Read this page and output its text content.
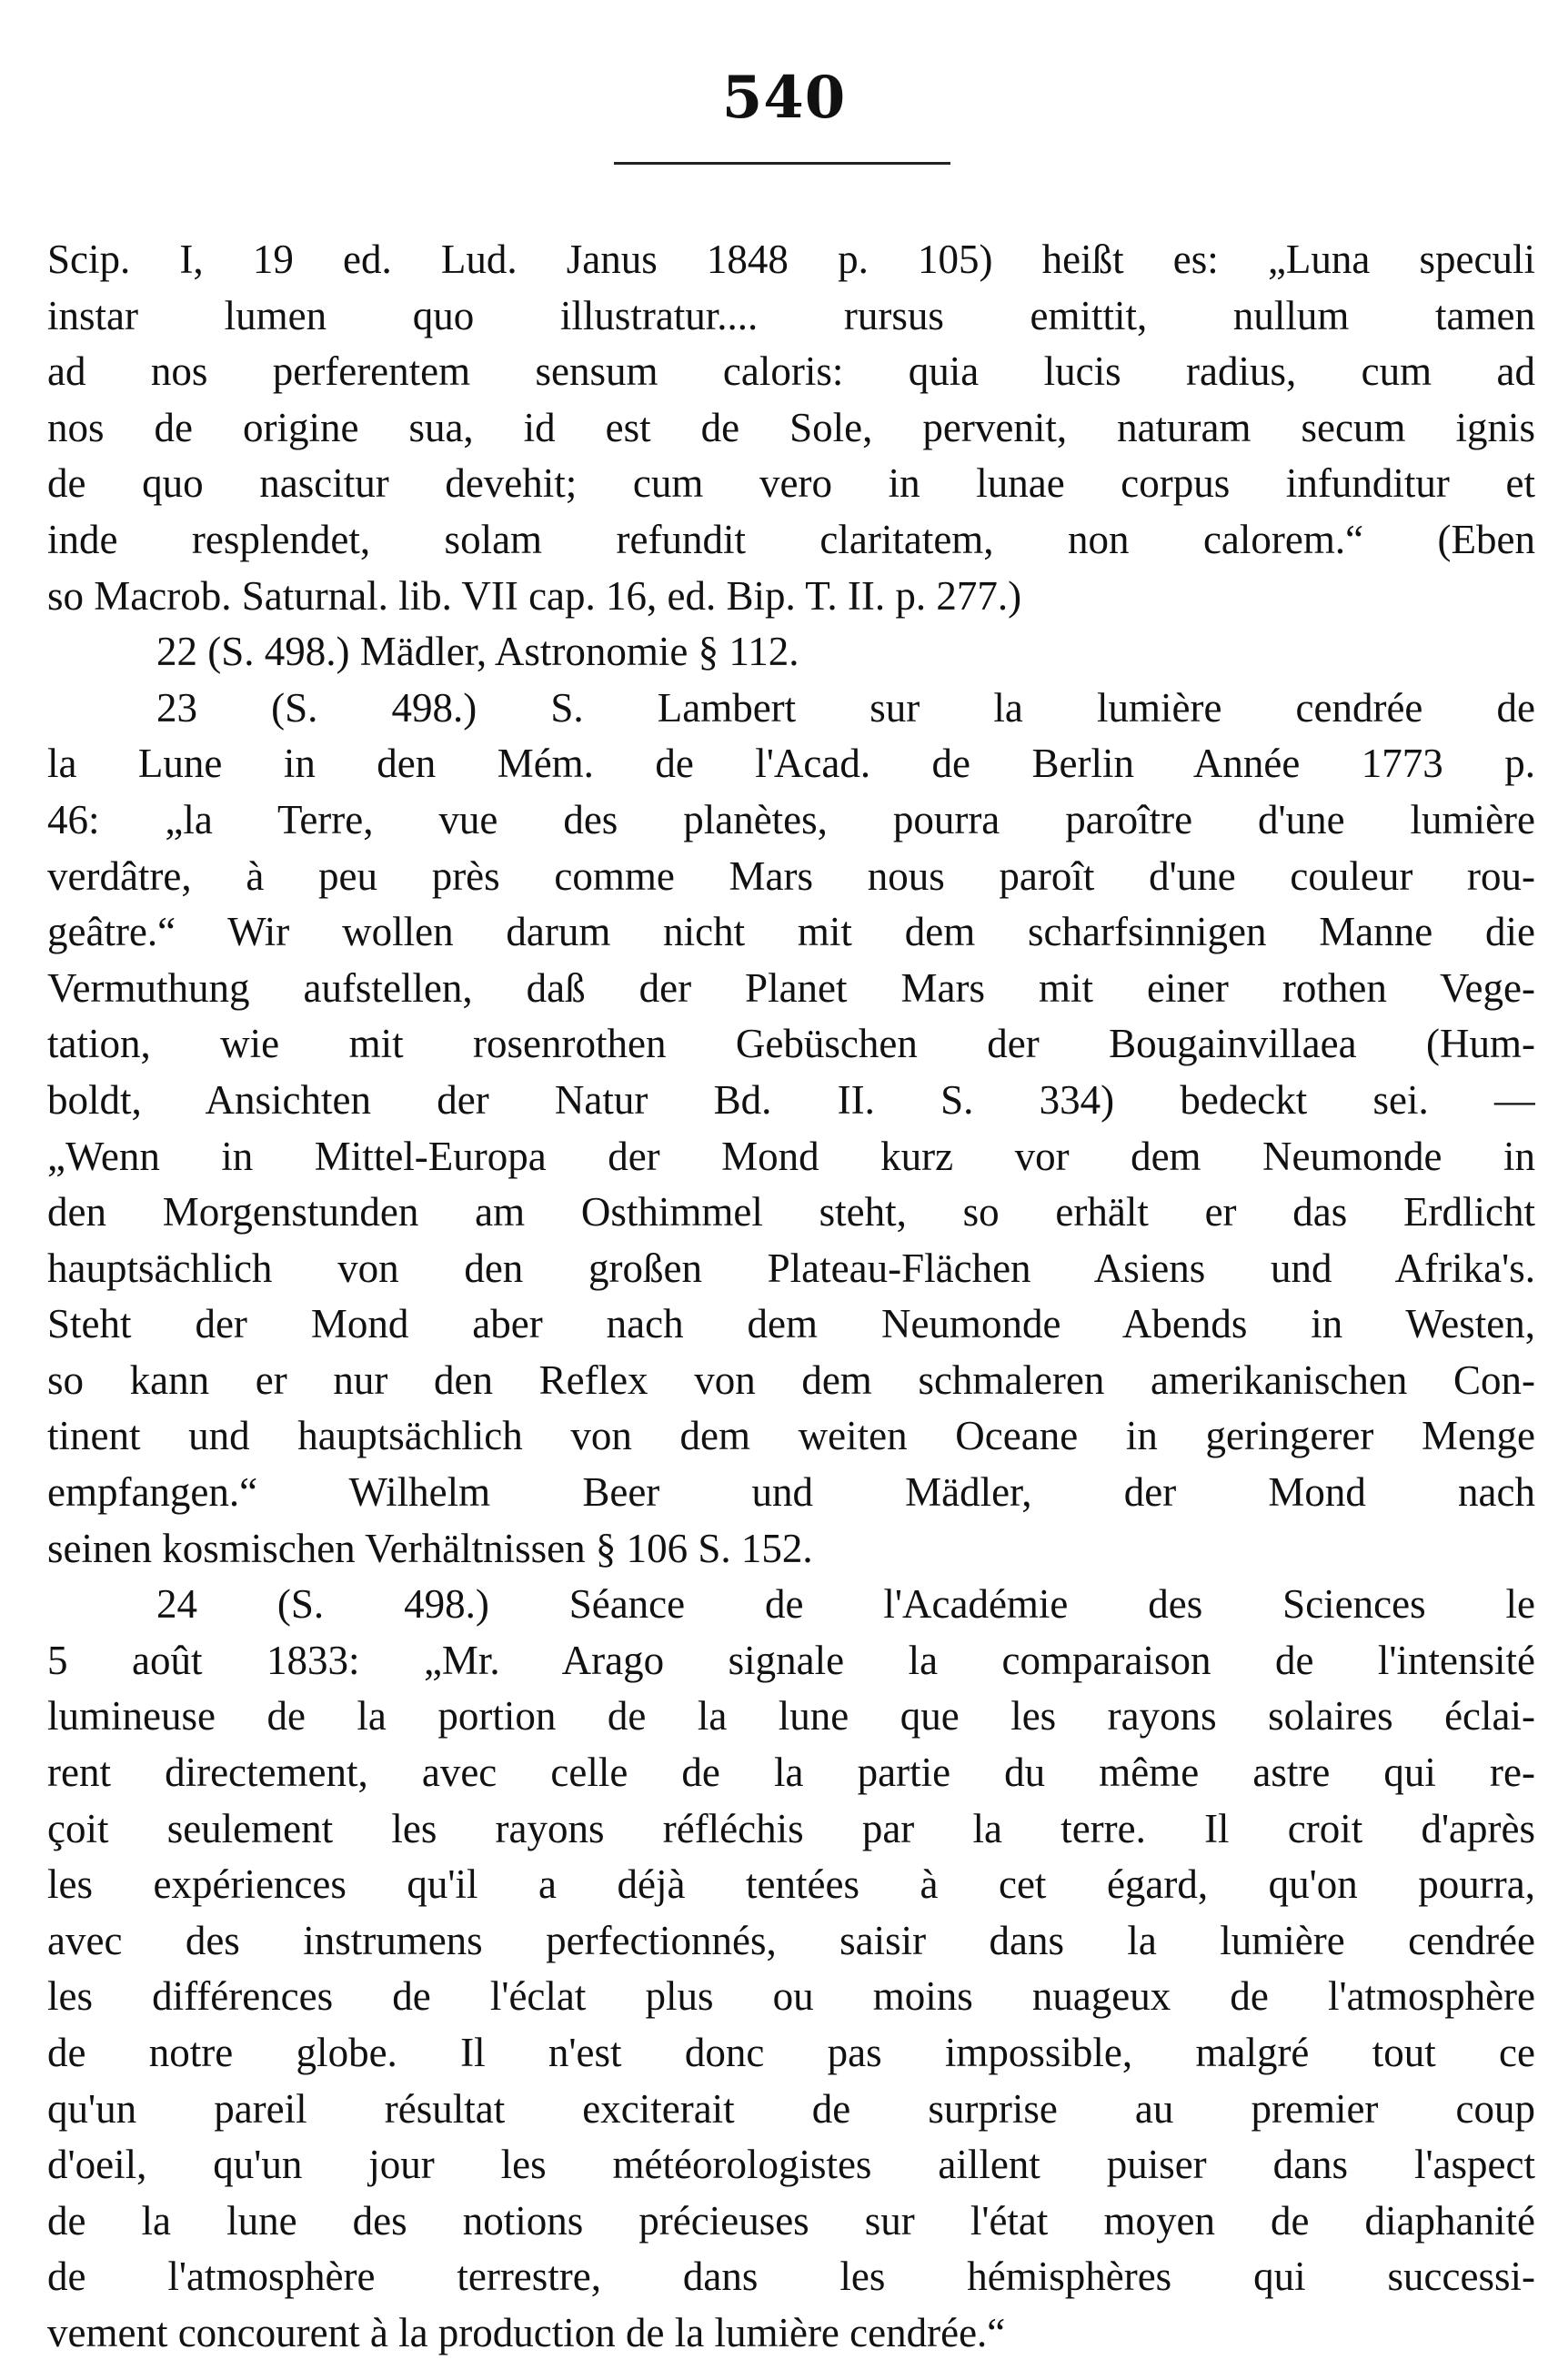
540
Scip. I, 19 ed. Lud. Janus 1848 p. 105) heißt es: „Luna speculi
instar lumen quo illustratur.... rursus emittit, nullum tamen
ad nos perferentem sensum caloris: quia lucis radius, cum ad
nos de origine sua, id est de Sole, pervenit, naturam secum ignis
de quo nascitur devehit; cum vero in lunae corpus infunditur et
inde resplendet, solam refundit claritatem, non calorem.“ (Eben
so Macrob. Saturnal. lib. VII cap. 16, ed. Bip. T. II. p. 277.)
22 (S. 498.) Mädler, Astronomie § 112.
23 (S. 498.) S. Lambert sur la lumière cendrée de
la Lune in den Mém. de l'Acad. de Berlin Année 1773 p.
46: „la Terre, vue des planètes, pourra paroître d'une lumière
verdâtre, à peu près comme Mars nous paroît d'une couleur rou-
geâtre.“ Wir wollen darum nicht mit dem scharfsinnigen Manne die
Vermuthung aufstellen, daß der Planet Mars mit einer rothen Vege-
tation, wie mit rosenrothen Gebüschen der Bougainvillaea (Hum-
boldt, Ansichten der Natur Bd. II. S. 334) bedeckt sei. —
„Wenn in Mittel-Europa der Mond kurz vor dem Neumonde in
den Morgenstunden am Osthimmel steht, so erhält er das Erdlicht
hauptsächlich von den großen Plateau-Flächen Asiens und Afrika's.
Steht der Mond aber nach dem Neumonde Abends in Westen,
so kann er nur den Reflex von dem schmaleren amerikanischen Con-
tinent und hauptsächlich von dem weiten Oceane in geringerer Menge
empfangen.“ Wilhelm Beer und Mädler, der Mond nach
seinen kosmischen Verhältnissen § 106 S. 152.
24 (S. 498.) Séance de l'Académie des Sciences le
5 août 1833: „Mr. Arago signale la comparaison de l'intensité
lumineuse de la portion de la lune que les rayons solaires éclai-
rent directement, avec celle de la partie du même astre qui re-
çoit seulement les rayons réfléchis par la terre. Il croit d'après
les expériences qu'il a déjà tentées à cet égard, qu'on pourra,
avec des instrumens perfectionnés, saisir dans la lumière cendrée
les différences de l'éclat plus ou moins nuageux de l'atmosphère
de notre globe. Il n'est donc pas impossible, malgré tout ce
qu'un pareil résultat exciterait de surprise au premier coup
d'oeil, qu'un jour les météorologistes aillent puiser dans l'aspect
de la lune des notions précieuses sur l'état moyen de diaphanité
de l'atmosphère terrestre, dans les hémisphères qui successi-
vement concourent à la production de la lumière cendrée.“
